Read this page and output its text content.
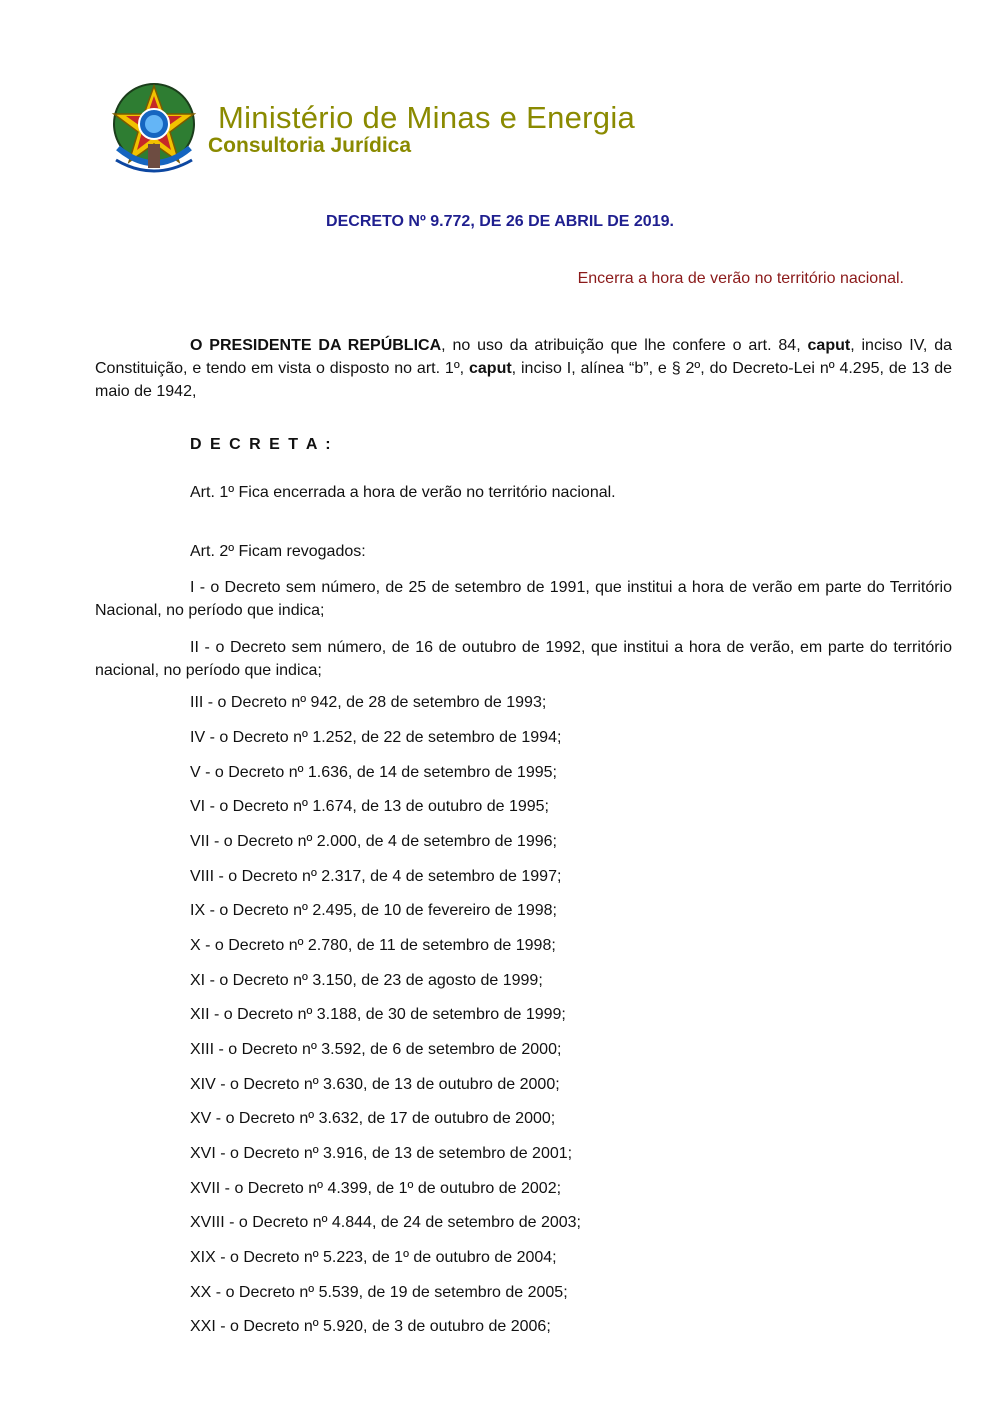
Ministério de Minas e Energia
Consultoria Jurídica
DECRETO Nº 9.772, DE 26 DE ABRIL DE 2019.
Encerra a hora de verão no território nacional.
O PRESIDENTE DA REPÚBLICA, no uso da atribuição que lhe confere o art. 84, caput, inciso IV, da Constituição, e tendo em vista o disposto no art. 1º, caput, inciso I, alínea “b”, e § 2º, do Decreto-Lei nº 4.295, de 13 de maio de 1942,
D E C R E T A :
Art. 1º Fica encerrada a hora de verão no território nacional.
Art. 2º Ficam revogados:
I - o Decreto sem número, de 25 de setembro de 1991, que institui a hora de verão em parte do Território Nacional, no período que indica;
II - o Decreto sem número, de 16 de outubro de 1992, que institui a hora de verão, em parte do território nacional, no período que indica;
III - o Decreto nº 942, de 28 de setembro de 1993;
IV - o Decreto nº 1.252, de 22 de setembro de 1994;
V - o Decreto nº 1.636, de 14 de setembro de 1995;
VI - o Decreto nº 1.674, de 13 de outubro de 1995;
VII - o Decreto nº 2.000, de 4 de setembro de 1996;
VIII - o Decreto nº 2.317, de 4 de setembro de 1997;
IX - o Decreto nº 2.495, de 10 de fevereiro de 1998;
X - o Decreto nº 2.780, de 11 de setembro de 1998;
XI - o Decreto nº 3.150, de 23 de agosto de 1999;
XII - o Decreto nº 3.188, de 30 de setembro de 1999;
XIII - o Decreto nº 3.592, de 6 de setembro de 2000;
XIV - o Decreto nº 3.630, de 13 de outubro de 2000;
XV - o Decreto nº 3.632, de 17 de outubro de 2000;
XVI - o Decreto nº 3.916, de 13 de setembro de 2001;
XVII - o Decreto nº 4.399, de 1º de outubro de 2002;
XVIII - o Decreto nº 4.844, de 24 de setembro de 2003;
XIX - o Decreto nº 5.223, de 1º de outubro de 2004;
XX - o Decreto nº 5.539, de 19 de setembro de 2005;
XXI - o Decreto nº 5.920, de 3 de outubro de 2006;
